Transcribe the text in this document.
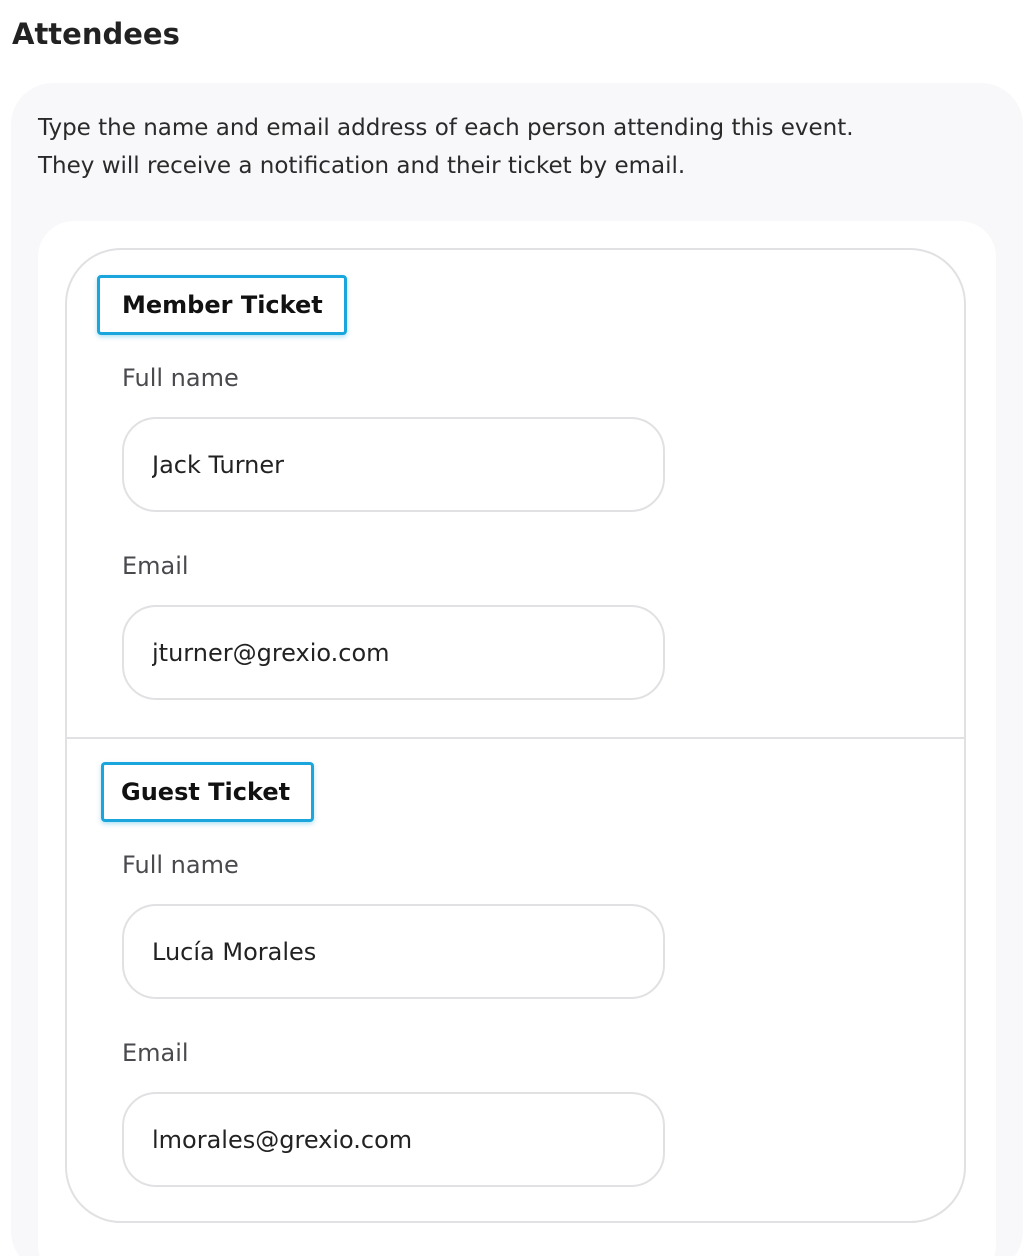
Attendees

Type the name and email address of each person attending this event.
They will receive a notification and their ticket by email.

Member Ticket
Full name
Jack Turner
Email
jturner@grexio.com
Guest Ticket
Full name
Lucía Morales
Email
lmorales@grexio.com
